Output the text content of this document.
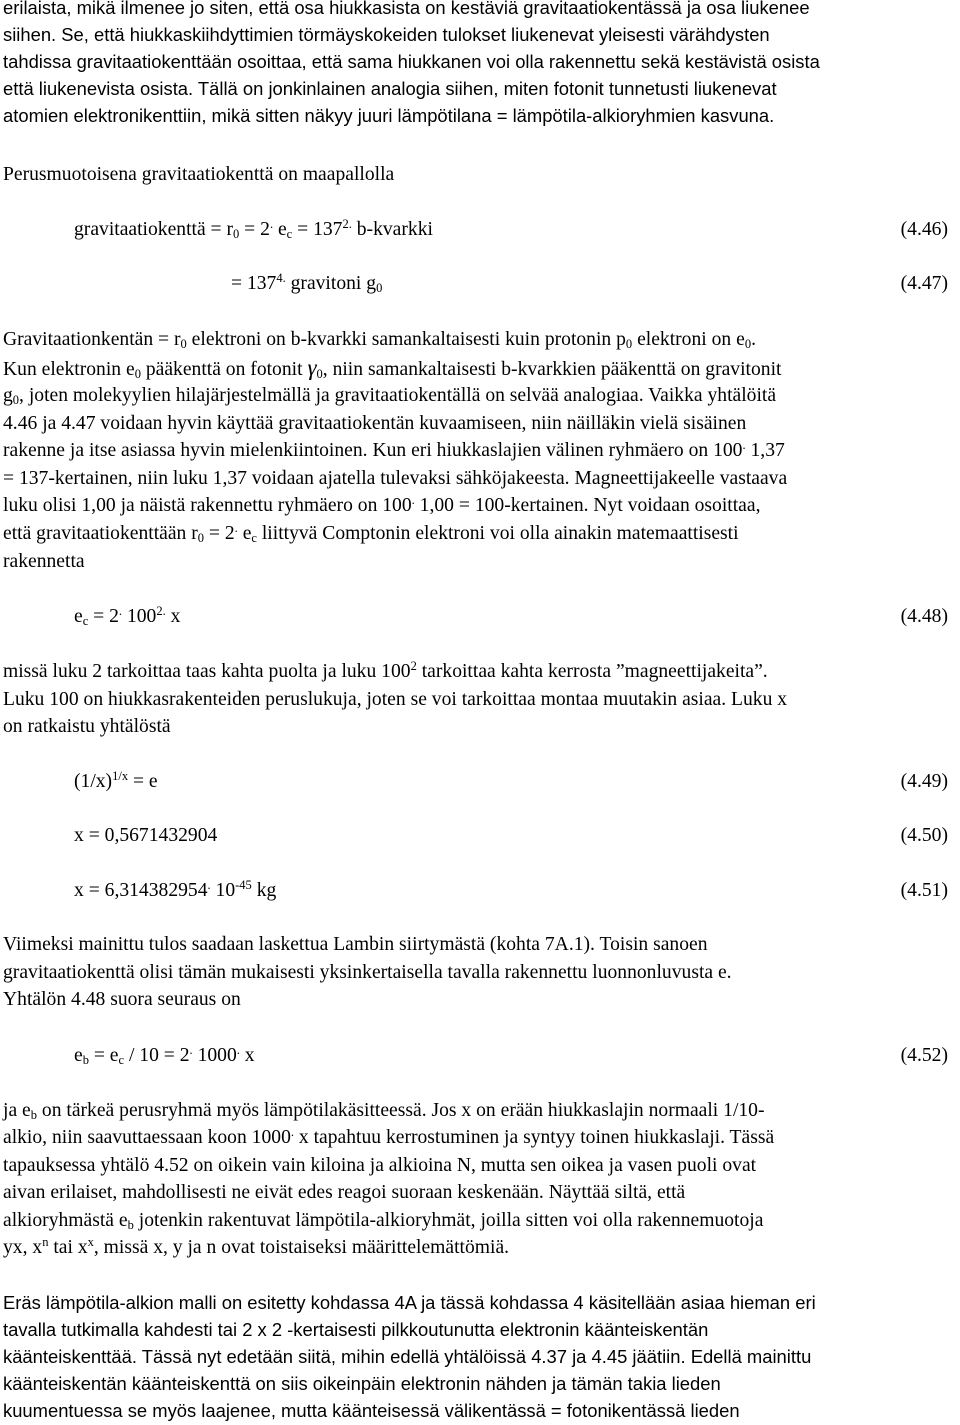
erilaista, mikä ilmenee jo siten, että osa hiukkasista on kestäviä gravitaatiokentässä ja osa liukenee
siihen. Se, että hiukkaskiihdyttimien törmäyskokeiden tulokset liukenevat yleisesti värähdysten
tahdissa gravitaatiokenttään osoittaa, että sama hiukkanen voi olla rakennettu sekä kestävistä osista
että liukenevista osista. Tällä on jonkinlainen analogia siihen, miten fotonit tunnetusti liukenevat
atomien elektronikenttiin, mikä sitten näkyy juuri lämpötilana = lämpötila-alkioryhmien kasvuna.
Perusmuotoisena gravitaatiokenttä on maapallolla
gravitaatiokenttä = $r_0 = 2^.$ $e_c = 137^{2.}$ b-kvarkki	(4.46)
= $137^{4.}$ gravitoni $g_0$	(4.47)
Gravitaationkentän = $r_0$ elektroni on b-kvarkki samankaltaisesti kuin protonin $p_0$ elektroni on $e_0$.
Kun elektronin $e_0$ pääkenttä on fotonit $\gamma_0$, niin samankaltaisesti b-kvarkkien pääkenttä on gravitonit
$g_0$, joten molekyylien hilajärjestelmällä ja gravitaatiokentällä on selvää analogiaa. Vaikka yhtälöitä
4.46 ja 4.47 voidaan hyvin käyttää gravitaatiokentän kuvaamiseen, niin näilläkin vielä sisäinen
rakenne ja itse asiassa hyvin mielenkiintoinen. Kun eri hiukkaslajien välinen ryhmäero on 100. 1,37
= 137-kertainen, niin luku 1,37 voidaan ajatella tulevaksi sähköjakeesta. Magneettijakeelle vastaava
luku olisi 1,00 ja näistä rakennettu ryhmäero on 100. 1,00 = 100-kertainen. Nyt voidaan osoittaa,
että gravitaatiokenttään $r_0 = 2^.$ $e_c$ liittyvä Comptonin elektroni voi olla ainakin matemaattisesti
rakennetta
$e_c = 2^.$ $100^{2.}$ x	(4.48)
missä luku 2 tarkoittaa taas kahta puolta ja luku $100^2$ tarkoittaa kahta kerrosta ”magneettijakeita”.
Luku 100 on hiukkasrakenteiden peruslukuja, joten se voi tarkoittaa montaa muutakin asiaa. Luku x
on ratkaistu yhtälöstä
$(1/x)^{1/x} = e$	(4.49)
x = 0,5671432904	(4.50)
x = 6,314382954. $10^{-45}$ kg	(4.51)
Viimeksi mainittu tulos saadaan laskettua Lambin siirtymästä (kohta 7A.1). Toisin sanoen
gravitaatiokenttä olisi tämän mukaisesti yksinkertaisella tavalla rakennettu luonnonluvusta e.
Yhtälön 4.48 suora seuraus on
$e_b = e_c / 10 = 2^.$ 1000. x	(4.52)
ja $e_b$ on tärkeä perusryhmä myös lämpötilakäsitteessä. Jos x on erään hiukkaslajin normaali 1/10-
alkio, niin saavuttaessaan koon 1000. x tapahtuu kerrostuminen ja syntyy toinen hiukkaslaji. Tässä
tapauksessa yhtälö 4.52 on oikein vain kiloina ja alkioina N, mutta sen oikea ja vasen puoli ovat
aivan erilaiset, mahdollisesti ne eivät edes reagoi suoraan keskenään. Näyttää siltä, että
alkioryhmästä $e_b$ jotenkin rakentuvat lämpötila-alkioryhmät, joilla sitten voi olla rakennemuotoja
yx, $x^n$ tai $x^x$, missä x, y ja n ovat toistaiseksi määrittelemättömiä.
Eräs lämpötila-alkion malli on esitetty kohdassa 4A ja tässä kohdassa 4 käsitellään asiaa hieman eri
tavalla tutkimalla kahdesti tai 2 x 2 -kertaisesti pilkkoutunutta elektronin käänteiskentän
käänteiskenttää. Tässä nyt edetään siitä, mihin edellä yhtälöissä 4.37 ja 4.45 jäätiin. Edellä mainittu
käänteiskentän käänteiskenttä on siis oikeinpäin elektronin nähden ja tämän takia lieden
kuumentuessa se myös laajenee, mutta käänteisessä välikentässä = fotonikentässä lieden
